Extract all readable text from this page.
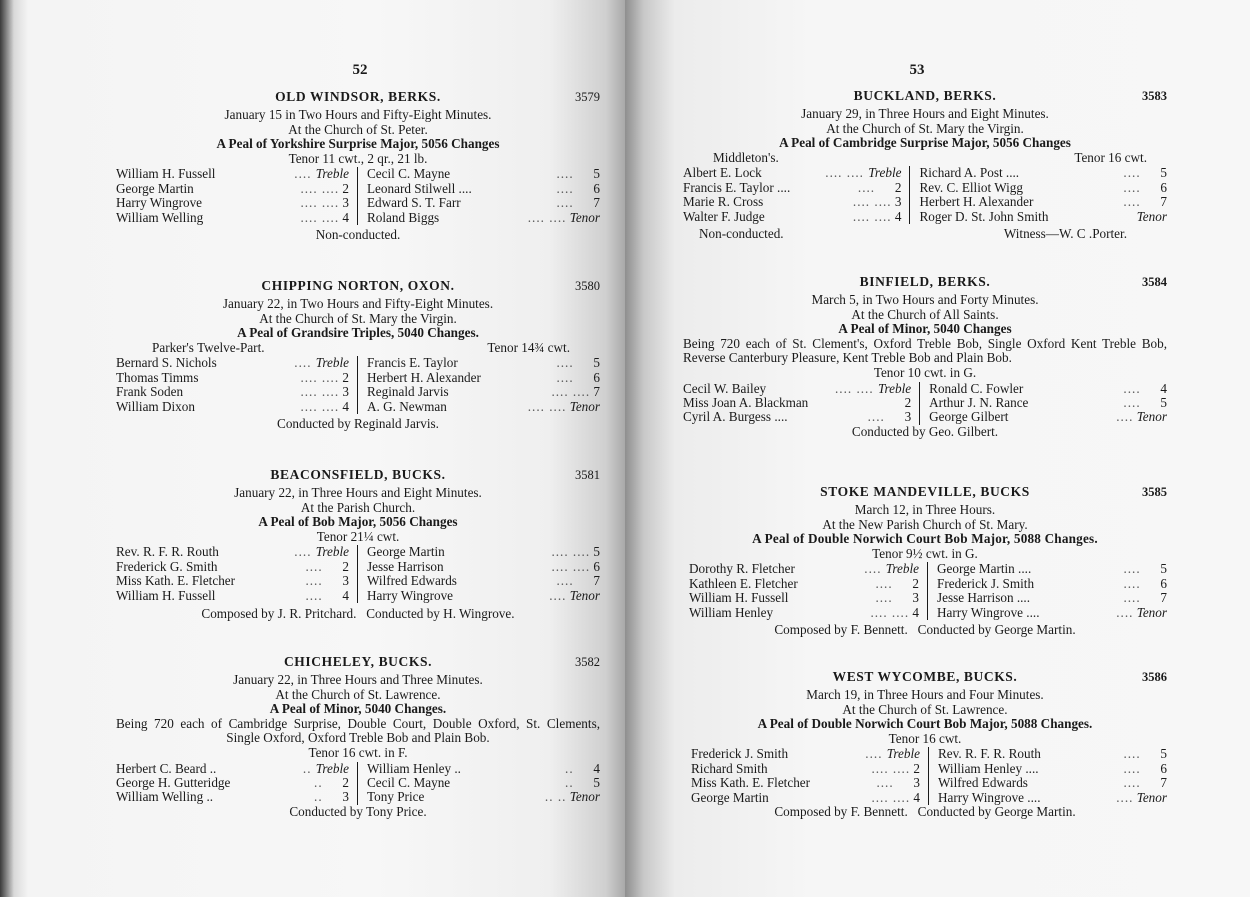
52
OLD WINDSOR, BERKS.	3579
January 15 in Two Hours and Fifty-Eight Minutes.
At the Church of St. Peter.
A Peal of Yorkshire Surprise Major, 5056 Changes
Tenor 11 cwt., 2 qr., 21 lb.
William H. Fussell	.... Treble
George Martin	.... .... 2
Harry Wingrove	.... .... 3
William Welling	.... .... 4
Cecil C. Mayne	.... 5
Leonard Stilwell ....	.... 6
Edward S. T. Farr	.... 7
Roland Biggs	.... .... Tenor
Non-conducted.
CHIPPING NORTON, OXON.	3580
January 22, in Two Hours and Fifty-Eight Minutes.
At the Church of St. Mary the Virgin.
A Peal of Grandsire Triples, 5040 Changes.
Parker's Twelve-Part.	Tenor 14¾ cwt.
Bernard S. Nichols	.... Treble
Thomas Timms	.... .... 2
Frank Soden	.... .... 3
William Dixon	.... .... 4
Francis E. Taylor	.... 5
Herbert H. Alexander	.... 6
Reginald Jarvis	.... .... 7
A. G. Newman	.... .... Tenor
Conducted by Reginald Jarvis.
BEACONSFIELD, BUCKS.	3581
January 22, in Three Hours and Eight Minutes.
At the Parish Church.
A Peal of Bob Major, 5056 Changes
Tenor 21¼ cwt.
Rev. R. F. R. Routh	.... Treble
Frederick G. Smith	.... 2
Miss Kath. E. Fletcher	.... 3
William H. Fussell	.... 4
George Martin	.... .... 5
Jesse Harrison	.... .... 6
Wilfred Edwards	.... 7
Harry Wingrove	.... Tenor
Composed by J. R. Pritchard.   Conducted by H. Wingrove.
CHICHELEY, BUCKS.	3582
January 22, in Three Hours and Three Minutes.
At the Church of St. Lawrence.
A Peal of Minor, 5040 Changes.
Being 720 each of Cambridge Surprise, Double Court, Double Oxford, St. Clements, Single Oxford, Oxford Treble Bob and Plain Bob.
Tenor 16 cwt. in F.
Herbert C. Beard ..	.. Treble
George H. Gutteridge	.. 2
William Welling ..	.. 3
William Henley ..	.. 4
Cecil C. Mayne	.. 5
Tony Price	.. .. Tenor
Conducted by Tony Price.
53
BUCKLAND, BERKS.	3583
January 29, in Three Hours and Eight Minutes.
At the Church of St. Mary the Virgin.
A Peal of Cambridge Surprise Major, 5056 Changes
Middleton's.	Tenor 16 cwt.
Albert E. Lock	.... .... Treble
Francis E. Taylor ....	.... 2
Marie R. Cross	.... .... 3
Walter F. Judge	.... .... 4
Richard A. Post ....	.... 5
Rev. C. Elliot Wigg	.... 6
Herbert H. Alexander	.... 7
Roger D. St. John Smith	Tenor
Non-conducted.	Witness—W. C .Porter.
BINFIELD, BERKS.	3584
March 5, in Two Hours and Forty Minutes.
At the Church of All Saints.
A Peal of Minor, 5040 Changes
Being 720 each of St. Clement's, Oxford Treble Bob, Single Oxford Kent Treble Bob, Reverse Canterbury Pleasure, Kent Treble Bob and Plain Bob.
Tenor 10 cwt. in G.
Cecil W. Bailey	.... .... Treble
Miss Joan A. Blackman	2
Cyril A. Burgess ....	.... 3
Ronald C. Fowler	.... 4
Arthur J. N. Rance	.... 5
George Gilbert	.... Tenor
Conducted by Geo. Gilbert.
STOKE MANDEVILLE, BUCKS	3585
March 12, in Three Hours.
At the New Parish Church of St. Mary.
A Peal of Double Norwich Court Bob Major, 5088 Changes.
Tenor 9½ cwt. in G.
Dorothy R. Fletcher	.... Treble
Kathleen E. Fletcher	.... 2
William H. Fussell	.... 3
William Henley	.... .... 4
George Martin ....	.... 5
Frederick J. Smith	.... 6
Jesse Harrison ....	.... 7
Harry Wingrove ....	.... Tenor
Composed by F. Bennett.   Conducted by George Martin.
WEST WYCOMBE, BUCKS.	3586
March 19, in Three Hours and Four Minutes.
At the Church of St. Lawrence.
A Peal of Double Norwich Court Bob Major, 5088 Changes.
Tenor 16 cwt.
Frederick J. Smith	.... Treble
Richard Smith	.... .... 2
Miss Kath. E. Fletcher	.... 3
George Martin	.... .... 4
Rev. R. F. R. Routh	.... 5
William Henley ....	.... 6
Wilfred Edwards	.... 7
Harry Wingrove ....	.... Tenor
Composed by F. Bennett.   Conducted by George Martin.
